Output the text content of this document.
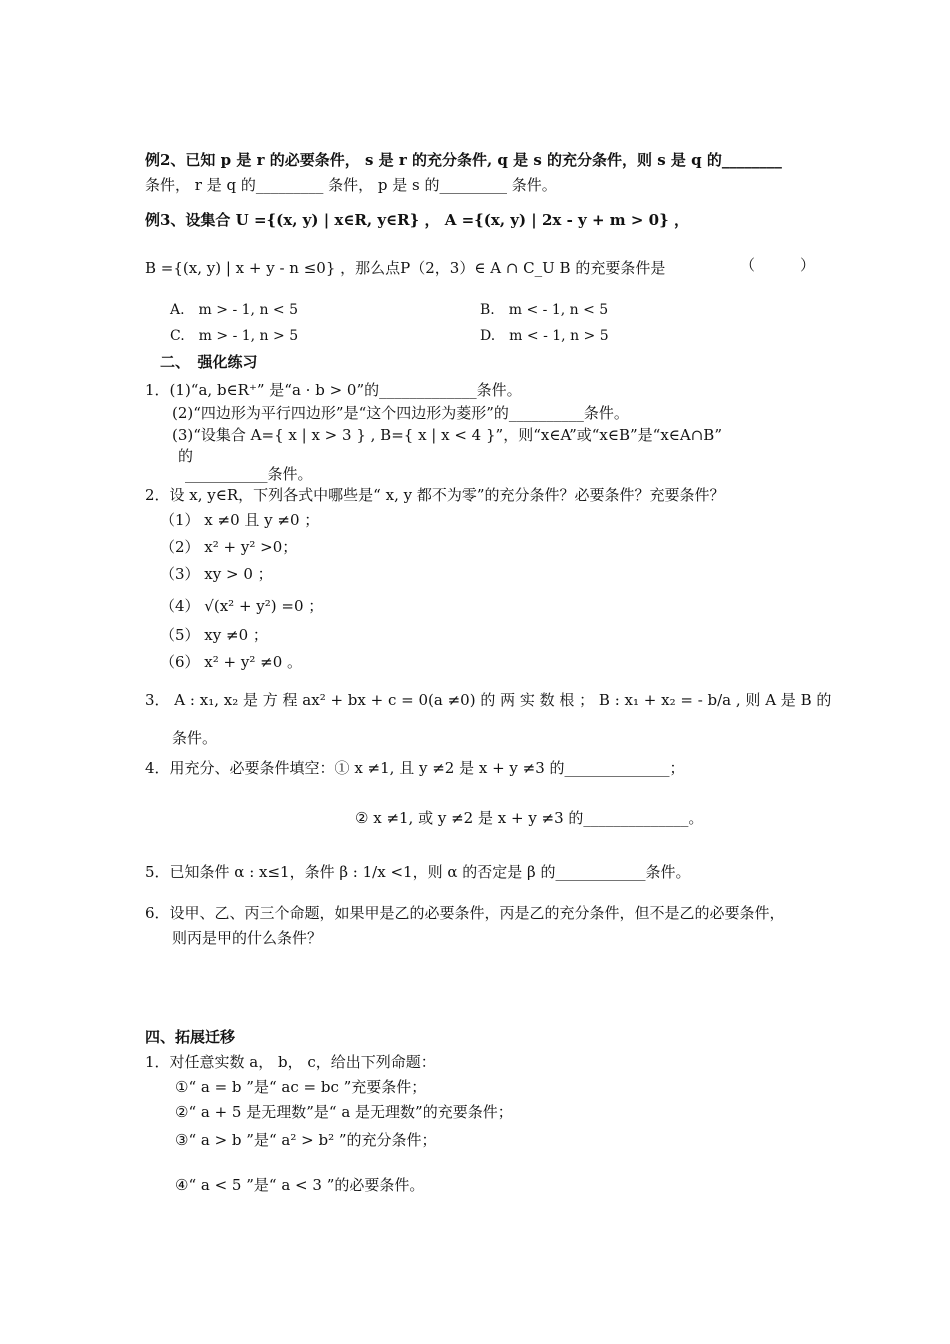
例2、已知 p 是 r 的必要条件， s 是 r 的充分条件, q 是 s 的充分条件，则 s 是 q 的________
条件， r 是 q 的_________ 条件， p 是 s 的_________ 条件。
例3、设集合 U ={(x, y) | x∈R, y∈R} ， A ={(x, y) | 2x - y + m > 0} ，
B ={(x, y) | x + y - n ≤0} ，那么点P（2，3）∈ A ∩ C_U B 的充要条件是	（　　　）
A.　m > - 1, n < 5	B.　m < - 1, n < 5
C.　m > - 1, n > 5	D.　m < - 1, n > 5
二、　强化练习
1．(1)“a, b∈R⁺” 是“a · b > 0”的_____________条件。
(2)“四边形为平行四边形”是“这个四边形为菱形”的__________条件。
(3)“设集合 A={ x | x > 3 } , B={ x | x < 4 }”，则“x∈A”或“x∈B”是“x∈A∩B”
的
___________条件。
2．设 x, y∈R，下列各式中哪些是“ x, y 都不为零”的充分条件？必要条件？充要条件？
（1） x ≠0 且 y ≠0 ；
（2） x² + y² >0；
（3） xy > 0 ；
（4） √(x² + y²) =0 ；
（5） xy ≠0 ；
（6） x² + y² ≠0 。
3． A : x₁, x₂ 是 方 程 ax² + bx + c = 0(a ≠0) 的 两 实 数 根 ； B : x₁ + x₂ = - b/a , 则 A 是 B 的
条件。
4．用充分、必要条件填空：① x ≠1, 且 y ≠2 是 x + y ≠3 的______________；
② x ≠1, 或 y ≠2 是 x + y ≠3 的______________。
5．已知条件 α : x≤1，条件 β : 1/x <1，则 α 的否定是 β 的____________条件。
6．设甲、乙、丙三个命题，如果甲是乙的必要条件，丙是乙的充分条件，但不是乙的必要条件，
则丙是甲的什么条件？
四、拓展迁移
1．对任意实数 a， b， c，给出下列命题：
①“ a = b ”是“ ac = bc ”充要条件；
②“ a + 5 是无理数”是“ a 是无理数”的充要条件；
③“ a > b ”是“ a² > b² ”的充分条件；
④“ a < 5 ”是“ a < 3 ”的必要条件。
